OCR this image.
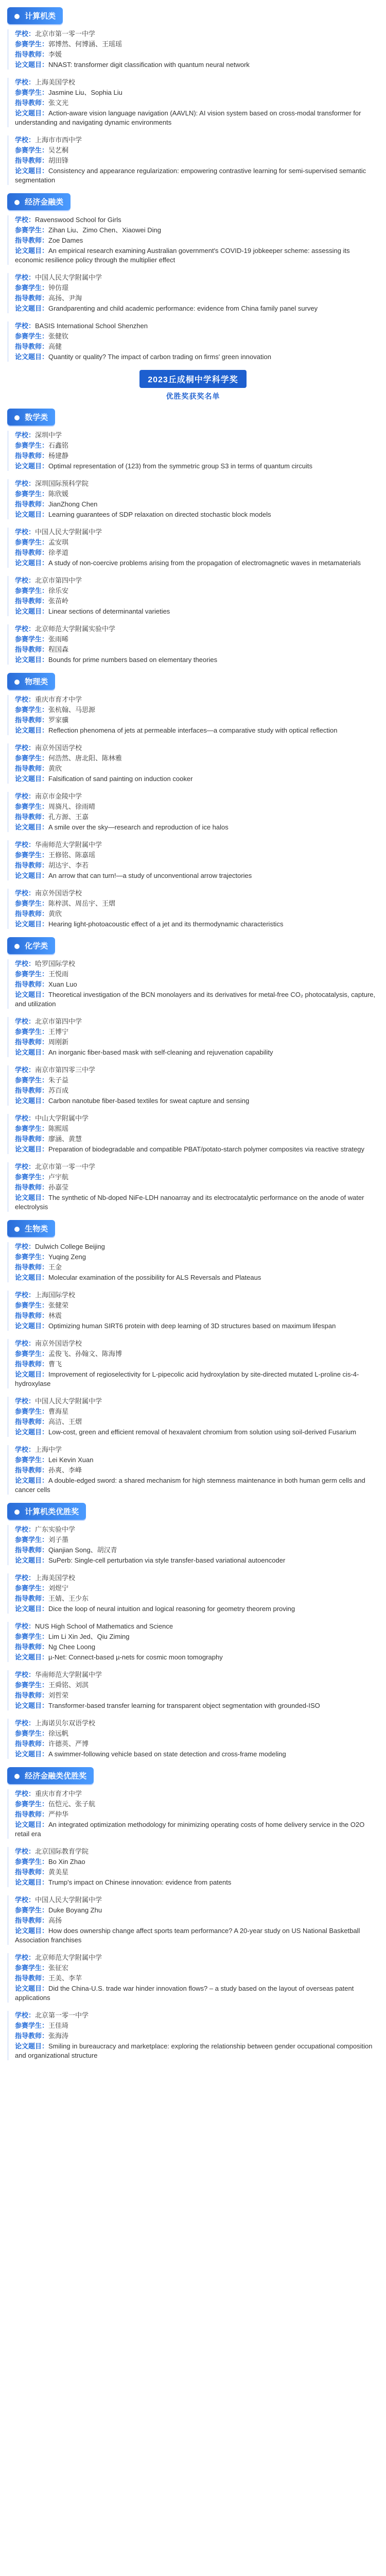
计算机类
学校：北京市第一零一中学
参赛学生：郭博然、何博涵、王瑶瑶
指导教师：李媛
论文题目：NNAST: transformer digit classification with quantum neural network
学校：上海美国学校
参赛学生：Jasmine Liu、Sophia Liu
指导教师：张文光
论文题目：Action-aware vision language navigation (AAVLN): AI vision system based on cross-modal transformer for understanding and navigating dynamic environments
学校：上海市市西中学
参赛学生：吴艺桐
指导教师：胡田锋
论文题目：Consistency and appearance regularization: empowering contrastive learning for semi-supervised semantic segmentation
经济金融类
学校：Ravenswood School for Girls
参赛学生：Zihan Liu、Zimo Chen、Xiaowei Ding
指导教师：Zoe Dames
论文题目：An empirical research examining Australian government's COVID-19 jobkeeper scheme: assessing its economic resilience policy through the multiplier effect
学校：中国人民大学附属中学
参赛学生：钟仿璟
指导教师：高扬、尹淘
论文题目：Grandparenting and child academic performance: evidence from China family panel survey
学校：BASIS International School Shenzhen
参赛学生：张健钦
指导教师：高健
论文题目：Quantity or quality? The impact of carbon trading on firms' green innovation
2023丘成桐中学科学奖
优胜奖获奖名单
数学类
学校：深圳中学
参赛学生：石鑫铭
指导教师：杨建静
论文题目：Optimal representation of (123) from the symmetric group S3 in terms of quantum circuits
学校：深圳国际预科学院
参赛学生：陈欣媛
指导教师：JianZhong Chen
论文题目：Learning guarantees of SDP relaxation on directed stochastic block models
学校：中国人民大学附属中学
参赛学生：孟安琪
指导教师：徐孝道
论文题目：A study of non-coercive problems arising from the propagation of electromagnetic waves in metamaterials
学校：北京市第四中学
参赛学生：徐乐安
指导教师：张苗岭
论文题目：Linear sections of determinantal varieties
学校：北京师范大学附属实验中学
参赛学生：张雨晞
指导教师：程国森
论文题目：Bounds for prime numbers based on elementary theories
物理类
学校：重庆市育才中学
参赛学生：张杭翰、马思源
指导教师：罗家骥
论文题目：Reflection phenomena of jets at permeable interfaces—a comparative study with optical reflection
学校：南京外国语学校
参赛学生：何浩然、唐北阳、陈林雅
指导教师：黄欣
论文题目：Falsification of sand painting on induction cooker
学校：南京市金陵中学
参赛学生：周旖凡、徐雨晴
指导教师：孔方源、王嘉
论文题目：A smile over the sky—research and reproduction of ice halos
学校：华南师范大学附属中学
参赛学生：王修铭、陈嘉瑶
指导教师：胡达宇、李若
论文题目：An arrow that can turn!—a study of unconventional arrow trajectories
学校：南京外国语学校
参赛学生：陈梓淇、周岳宇、王熠
指导教师：黄欣
论文题目：Hearing light-photoacoustic effect of a jet and its thermodynamic characteristics
化学类
学校：哈罗国际学校
参赛学生：王悦雨
指导教师：Xuan Luo
论文题目：Theoretical investigation of the BCN monolayers and its derivatives for metal-free CO₂ photocatalysis, capture, and utilization
学校：北京市第四中学
参赛学生：王博宁
指导教师：周刚新
论文题目：An inorganic fiber-based mask with self-cleaning and rejuvenation capability
学校：南京市第四零三中学
参赛学生：朱子益
指导教师：苏百成
论文题目：Carbon nanotube fiber-based textiles for sweat capture and sensing
学校：中山大学附属中学
参赛学生：陈熙瑶
指导教师：廖涵、黄慧
论文题目：Preparation of biodegradable and compatible PBAT/potato-starch polymer composites via reactive strategy
学校：北京市第一零一中学
参赛学生：卢宇航
指导教师：孙嘉莹
论文题目：The synthetic of Nb-doped NiFe-LDH nanoarray and its electrocatalytic performance on the anode of water electrolysis
生物类
学校：Dulwich College Beijing
参赛学生：Yuqing Zeng
指导教师：王金
论文题目：Molecular examination of the possibility for ALS Reversals and Plateaus
学校：上海国际学校
参赛学生：张健荣
指导教师：林震
论文题目：Optimizing human SIRT6 protein with deep learning of 3D structures based on maximum lifespan
学校：南京外国语学校
参赛学生：孟俊飞、孙翰文、陈海博
指导教师：曹飞
论文题目：Improvement of regioselectivity for L-pipecolic acid hydroxylation by site-directed mutated L-proline cis-4-hydroxylase
学校：中国人民大学附属中学
参赛学生：曹海星
指导教师：高洁、王熠
论文题目：Low-cost, green and efficient removal of hexavalent chromium from solution using soil-derived Fusarium
学校：上海中学
参赛学生：Lei Kevin Xuan
指导教师：孙爽、李峰
论文题目：A double-edged sword: a shared mechanism for high stemness maintenance in both human germ cells and cancer cells
计算机类优胜奖
学校：广东实验中学
参赛学生：刘子墨
指导教师：Qianjian Song、胡汉青
论文题目：SuPerb: Single-cell perturbation via style transfer-based variational autoencoder
学校：上海美国学校
参赛学生：刘煜宁
指导教师：王婧、王少东
论文题目：Dice the loop of neural intuition and logical reasoning for geometry theorem proving
学校：NUS High School of Mathematics and Science
参赛学生：Lim Li Xin Jed、Qiu Ziming
指导教师：Ng Chee Loong
论文题目：µ-Net: Connect-based µ-nets for cosmic moon tomography
学校：华南师范大学附属中学
参赛学生：王舜铭、刘淇
指导教师：刘哲荣
论文题目：Transformer-based transfer learning for transparent object segmentation with grounded-ISO
学校：上海诺贝尔双语学校
参赛学生：徐远帆
指导教师：许德英、严博
论文题目：A swimmer-following vehicle based on state detection and cross-frame modeling
经济金融类优胜奖
学校：重庆市育才中学
参赛学生：伍恺元、张子航
指导教师：严仲华
论文题目：An integrated optimization methodology for minimizing operating costs of home delivery service in the O2O retail era
学校：北京国际教育学院
参赛学生：Bo Xin Zhao
指导教师：黄美星
论文题目：Trump's impact on Chinese innovation: evidence from patents
学校：中国人民大学附属中学
参赛学生：Duke Boyang Zhu
指导教师：高扬
论文题目：How does ownership change affect sports team performance? A 20-year study on US National Basketball Association franchises
学校：北京师范大学附属中学
参赛学生：张征宏
指导教师：王美、李苹
论文题目：Did the China-U.S. trade war hinder innovation flows? – a study based on the layout of overseas patent applications
学校：北京第一零一中学
参赛学生：王佳琦
指导教师：张海涛
论文题目：Smiling in bureaucracy and marketplace: exploring the relationship between gender occupational composition and organizational structure
